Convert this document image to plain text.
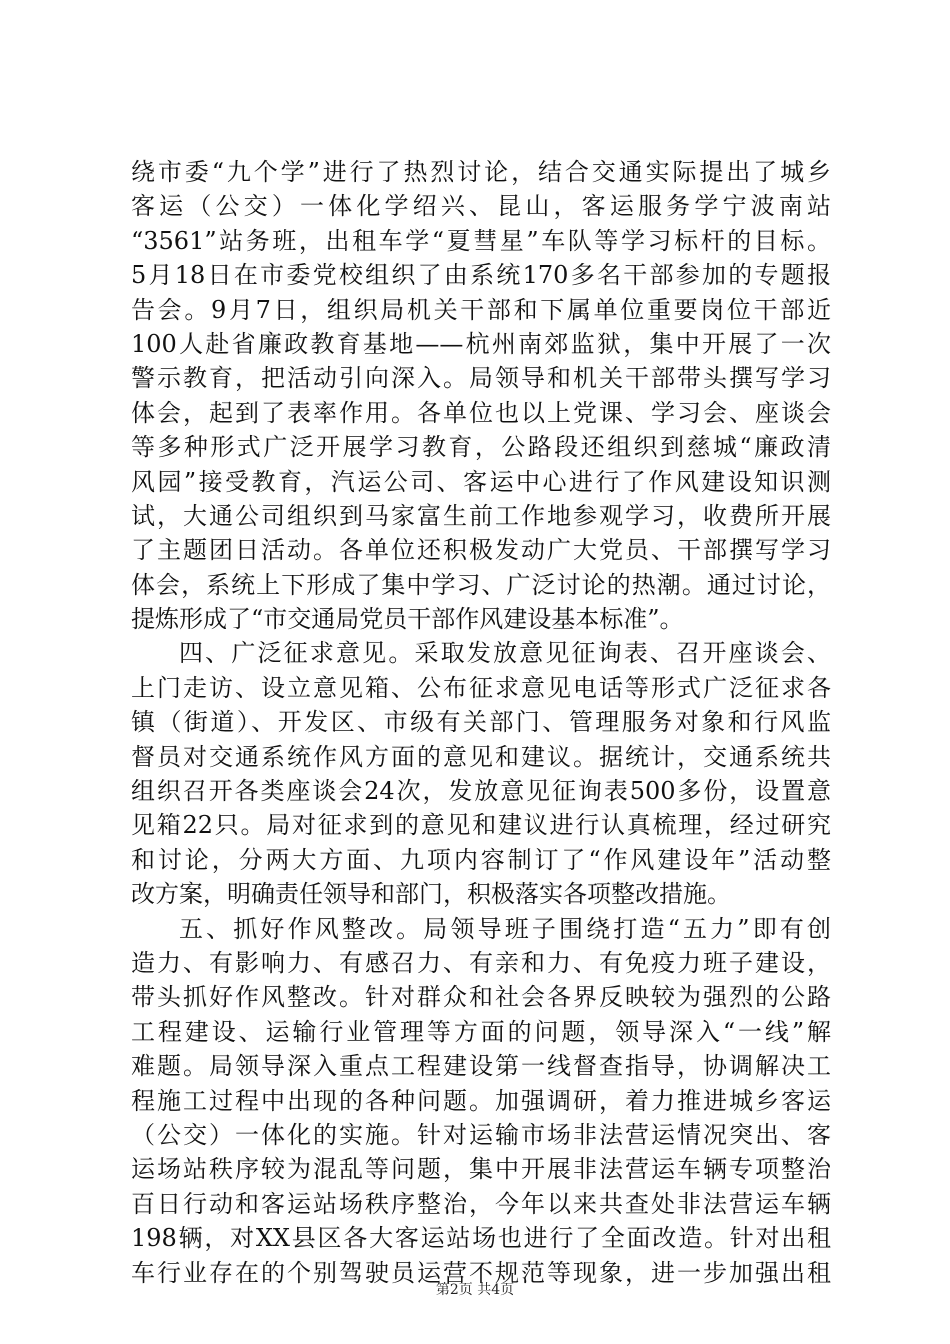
绕市委“九个学”进行了热烈讨论，结合交通实际提出了城乡
客运（公交）一体化学绍兴、昆山，客运服务学宁波南站
“3561”站务班，出租车学“夏彗星”车队等学习标杆的目标。
5月18日在市委党校组织了由系统170多名干部参加的专题报
告会。9月7日，组织局机关干部和下属单位重要岗位干部近
100人赴省廉政教育基地——杭州南郊监狱，集中开展了一次
警示教育，把活动引向深入。局领导和机关干部带头撰写学习
体会，起到了表率作用。各单位也以上党课、学习会、座谈会
等多种形式广泛开展学习教育，公路段还组织到慈城“廉政清
风园”接受教育，汽运公司、客运中心进行了作风建设知识测
试，大通公司组织到马家富生前工作地参观学习，收费所开展
了主题团日活动。各单位还积极发动广大党员、干部撰写学习
体会，系统上下形成了集中学习、广泛讨论的热潮。通过讨论，
提炼形成了“市交通局党员干部作风建设基本标准”。
四、广泛征求意见。采取发放意见征询表、召开座谈会、
上门走访、设立意见箱、公布征求意见电话等形式广泛征求各
镇（街道）、开发区、市级有关部门、管理服务对象和行风监
督员对交通系统作风方面的意见和建议。据统计，交通系统共
组织召开各类座谈会24次，发放意见征询表500多份，设置意
见箱22只。局对征求到的意见和建议进行认真梳理，经过研究
和讨论，分两大方面、九项内容制订了“作风建设年”活动整
改方案，明确责任领导和部门，积极落实各项整改措施。
五、抓好作风整改。局领导班子围绕打造“五力”即有创
造力、有影响力、有感召力、有亲和力、有免疫力班子建设，
带头抓好作风整改。针对群众和社会各界反映较为强烈的公路
工程建设、运输行业管理等方面的问题，领导深入“一线”解
难题。局领导深入重点工程建设第一线督查指导，协调解决工
程施工过程中出现的各种问题。加强调研，着力推进城乡客运
（公交）一体化的实施。针对运输市场非法营运情况突出、客
运场站秩序较为混乱等问题，集中开展非法营运车辆专项整治
百日行动和客运站场秩序整治，今年以来共查处非法营运车辆
198辆，对XX县区各大客运站场也进行了全面改造。针对出租
车行业存在的个别驾驶员运营不规范等现象，进一步加强出租
第2页 共4页
